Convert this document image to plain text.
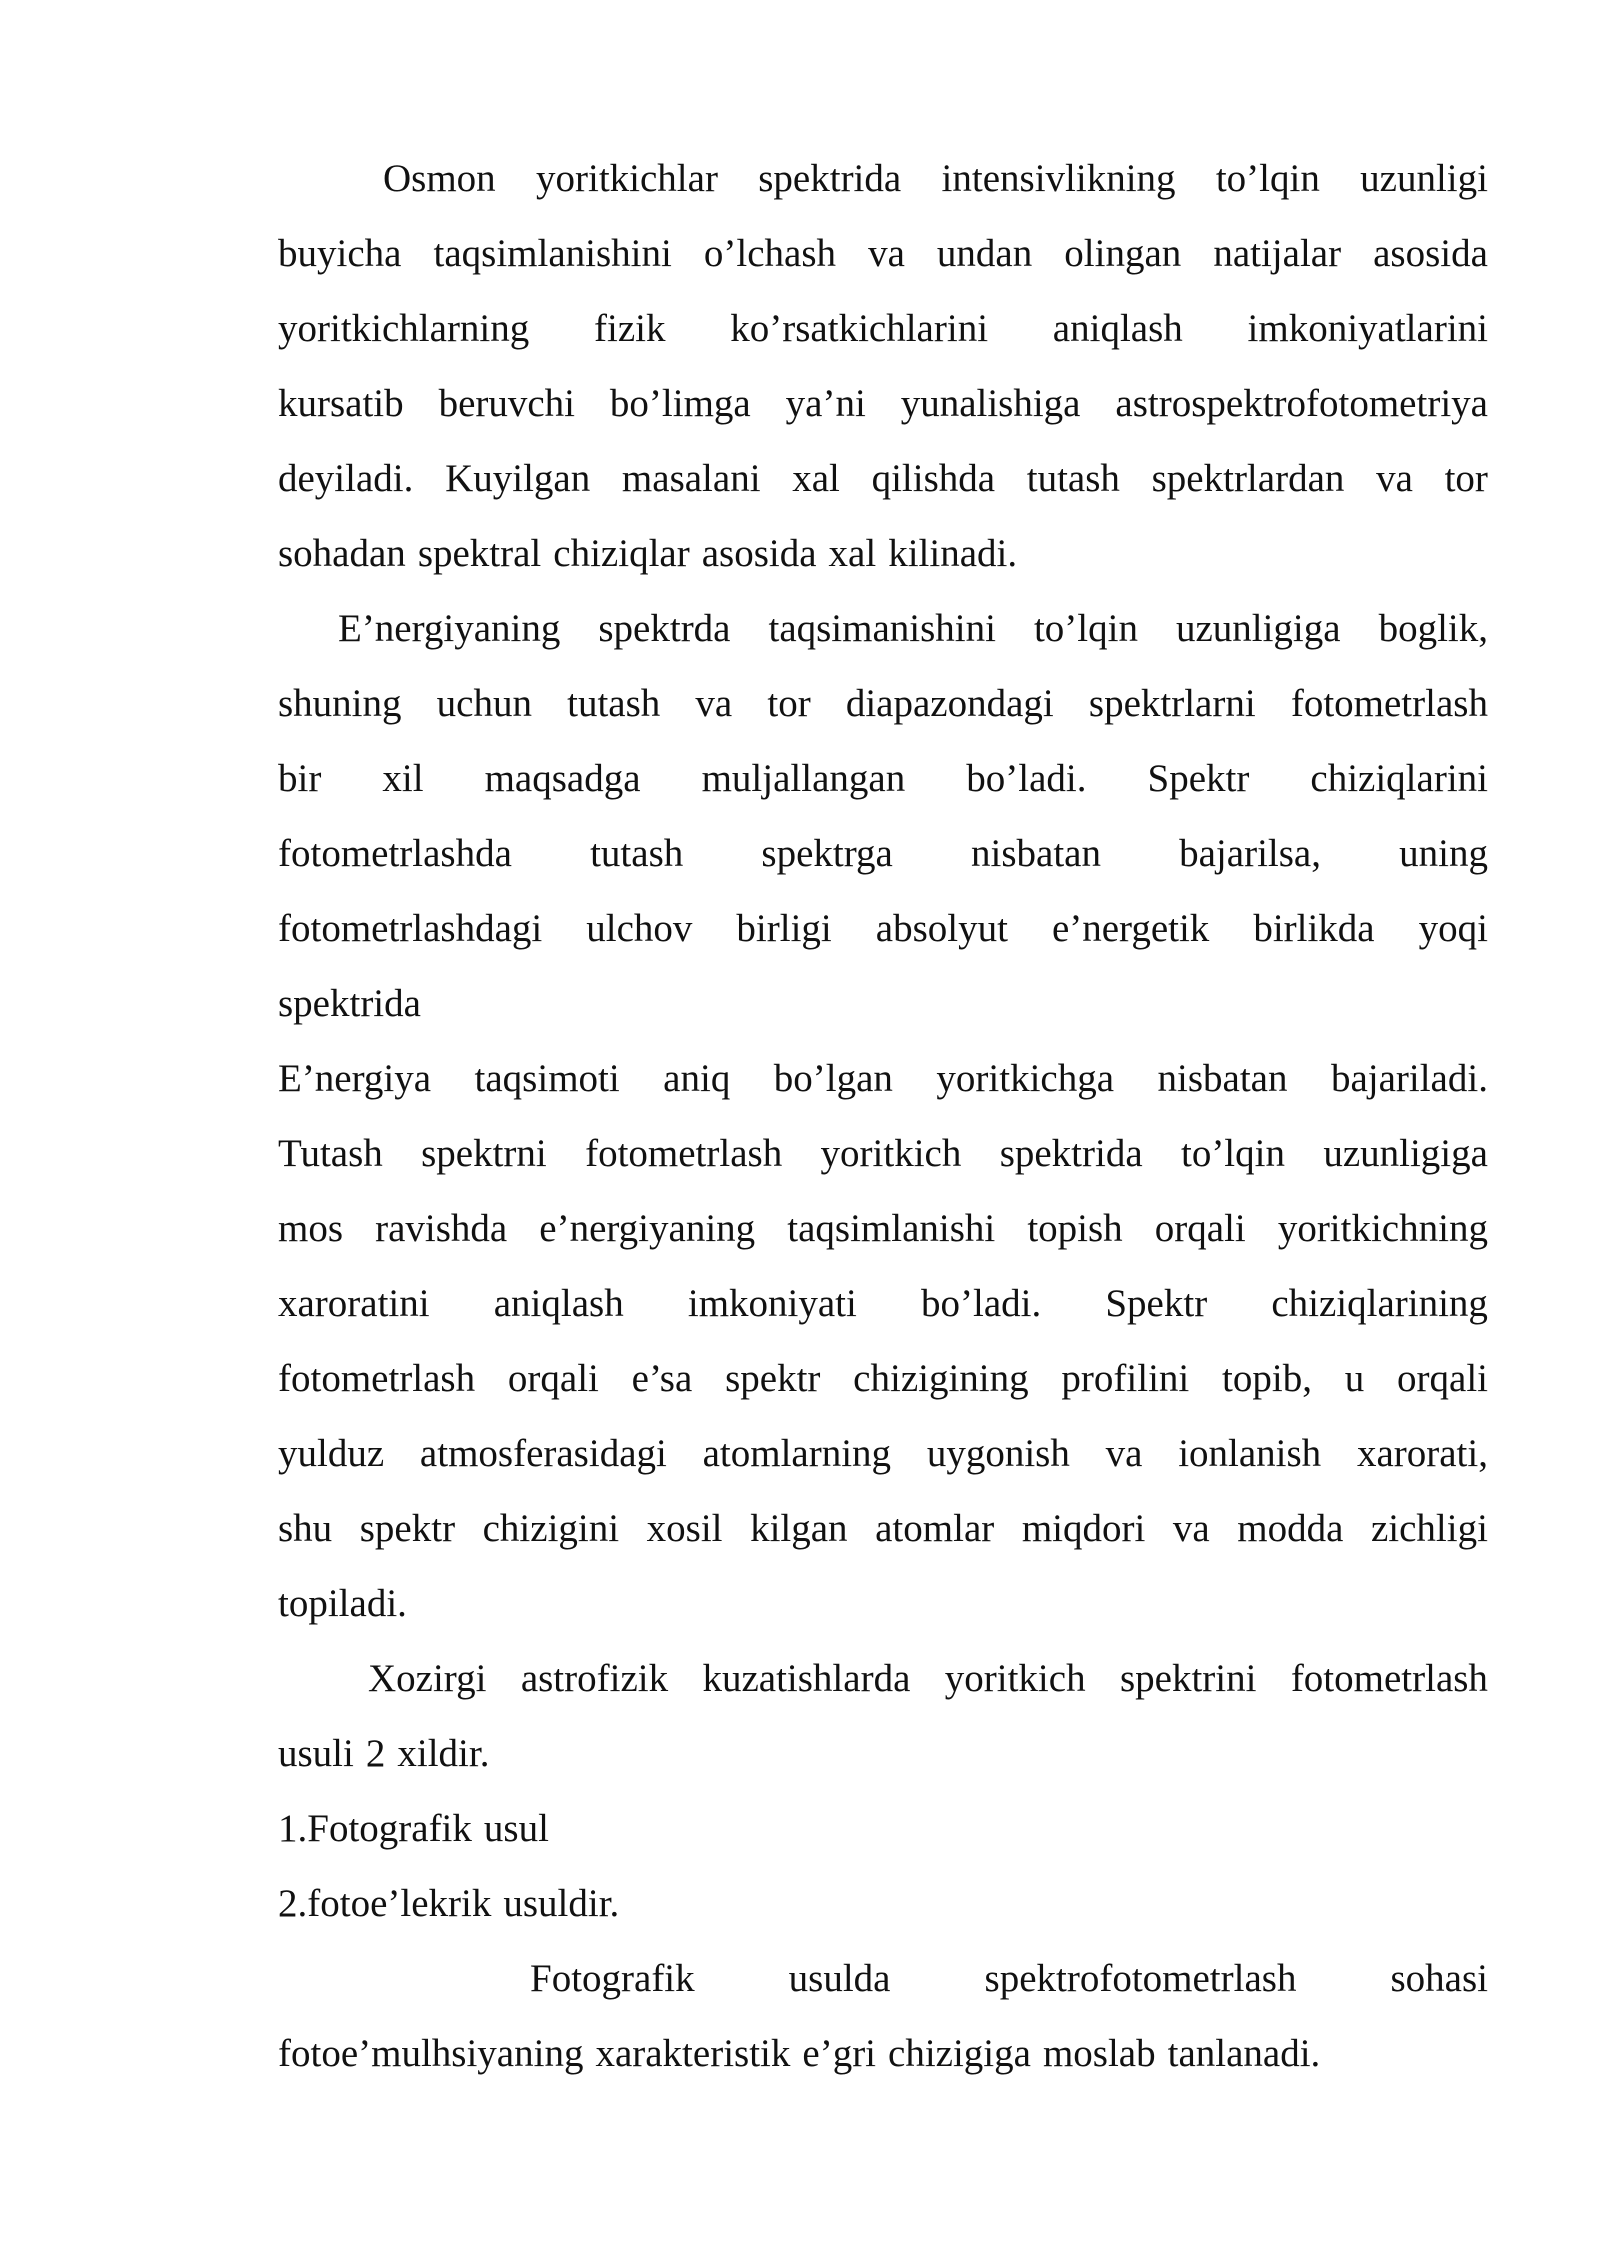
Osmon yoritkichlar spektrida intensivlikning to’lqin uzunligi
buyicha taqsimlanishini o’lchash va undan olingan natijalar asosida
yoritkichlarning fizik ko’rsatkichlarini aniqlash imkoniyatlarini
kursatib beruvchi bo’limga ya’ni yunalishiga astrospektrofotometriya
deyiladi. Kuyilgan masalani xal qilishda tutash spektrlardan va tor
sohadan spektral chiziqlar asosida xal kilinadi.
E’nergiyaning spektrda taqsimanishini to’lqin uzunligiga boglik,
shuning uchun tutash va tor diapazondagi spektrlarni fotometrlash
bir xil maqsadga muljallangan bo’ladi. Spektr chiziqlarini
fotometrlashda tutash spektrga nisbatan bajarilsa, uning
fotometrlashdagi ulchov birligi absolyut e’nergetik birlikda yoqi
spektrida
E’nergiya taqsimoti aniq bo’lgan yoritkichga nisbatan bajariladi.
Tutash spektrni fotometrlash yoritkich spektrida to’lqin uzunligiga
mos ravishda e’nergiyaning taqsimlanishi topish orqali yoritkichning
xaroratini aniqlash imkoniyati bo’ladi. Spektr chiziqlarining
fotometrlash orqali e’sa spektr chizigining profilini topib, u orqali
yulduz atmosferasidagi atomlarning uygonish va ionlanish xarorati,
shu spektr chizigini xosil kilgan atomlar miqdori va modda zichligi
topiladi.
Xozirgi astrofizik kuzatishlarda yoritkich spektrini fotometrlash
usuli 2 xildir.
1.Fotografik usul
2.fotoe’lekrik usuldir.
Fotografik usulda spektrofotometrlash sohasi
fotoe’mulhsiyaning xarakteristik e’gri chizigiga moslab tanlanadi.
